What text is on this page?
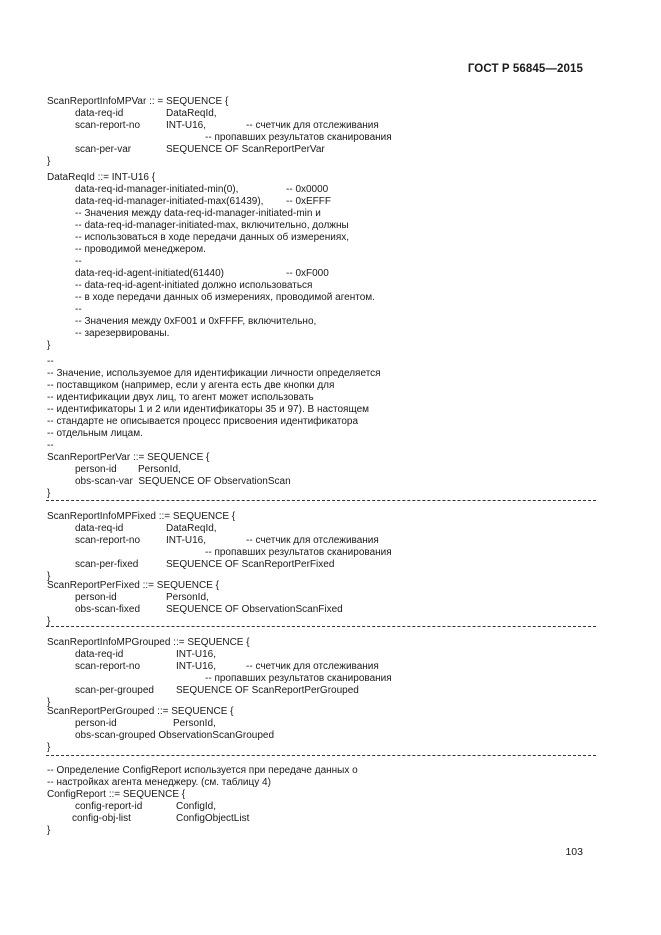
ГОСТ Р 56845—2015
ScanReportInfoMPVar :: = SEQUENCE {
data-req-id	DataReqId,
scan-report-no	INT-U16,	-- счетчик для отслеживания
-- пропавших результатов сканирования
scan-per-var	SEQUENCE OF ScanReportPerVar
}
DataReqId ::= INT-U16 {
data-req-id-manager-initiated-min(0),	-- 0x0000
data-req-id-manager-initiated-max(61439), -- 0xEFFF
-- Значения между data-req-id-manager-initiated-min и
-- data-req-id-manager-initiated-max, включительно, должны
-- использоваться в ходе передачи данных об измерениях,
-- проводимой менеджером.
--
data-req-id-agent-initiated(61440)	-- 0xF000
-- data-req-id-agent-initiated должно использоваться
-- в ходе передачи данных об измерениях, проводимой агентом.
--
-- Значения между 0xF001 и 0xFFFF, включительно,
-- зарезервированы.
}
--
-- Значение, используемое для идентификации личности определяется
-- поставщиком (например, если у агента есть две кнопки для
-- идентификации двух лиц, то агент может использовать
-- идентификаторы 1 и 2 или идентификаторы 35 и 97). В настоящем
-- стандарте не описывается процесс присвоения идентификатора
-- отдельным лицам.
--
ScanReportPerVar ::= SEQUENCE {
person-id PersonId,
obs-scan-var  SEQUENCE OF ObservationScan
}
ScanReportInfoMPFixed ::= SEQUENCE {
data-req-id	DataReqId,
scan-report-no	INT-U16,	-- счетчик для отслеживания
-- пропавших результатов сканирования
scan-per-fixed	SEQUENCE OF ScanReportPerFixed
}
ScanReportPerFixed ::= SEQUENCE {
person-id	PersonId,
obs-scan-fixed	SEQUENCE OF ObservationScanFixed
}
ScanReportInfoMPGrouped ::= SEQUENCE {
data-req-id	INT-U16,
scan-report-no	INT-U16,	-- счетчик для отслеживания
-- пропавших результатов сканирования
scan-per-grouped SEQUENCE OF ScanReportPerGrouped
}
ScanReportPerGrouped ::= SEQUENCE {
person-id	PersonId,
obs-scan-grouped ObservationScanGrouped
}
-- Определение ConfigReport используется при передаче данных о
-- настройках агента менеджеру. (см. таблицу 4)
ConfigReport ::= SEQUENCE {
config-report-id	ConfigId,
config-obj-list	ConfigObjectList
}
103
